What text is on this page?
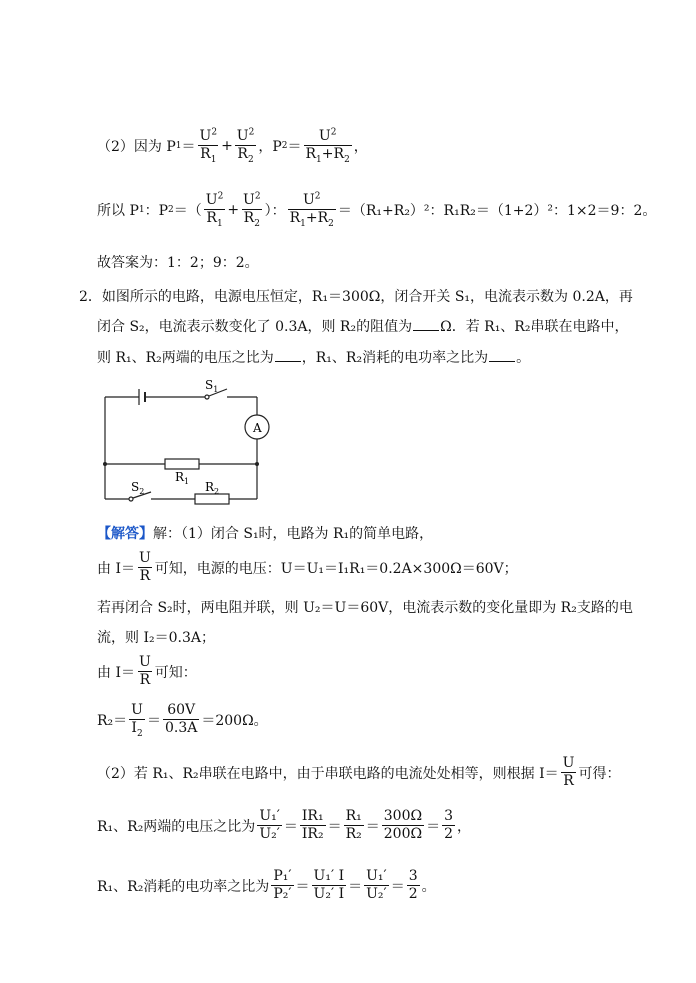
（2）因为 P $1 = \frac{U^2}{R_1} + \frac{U^2}{R_2}$ ，P $2 = \frac{U^2}{R_1+R_2}$ ，
所以 P 1 ：P 2 ＝（ $\frac{U^2}{R_1} + \frac{U^2}{R_2}$ ）： $\frac{U^2}{R_1+R_2} =(R_1+R_2)^2$：R₁R₂＝（1+2）²：1×2＝9：2。
故答案为：1：2；9：2。
2．如图所示的电路，电源电压恒定，R₁＝300Ω，闭合开关 S₁，电流表示数为 0.2A，再
闭合 S₂，电流表示数变化了 0.3A，则 R₂的阻值为 Ω．若 R₁、R₂串联在电路中，
则 R₁、R₂两端的电压之比为 ，R₁、R₂消耗的电功率之比为 。
A
$S_1$
$S_2$
$R_1$ $R_2$
【解答】解：（1）闭合 S₁时，电路为 R₁的简单电路，
由 $I= \frac{U}{R}$ 可知，电源的电压：U＝U₁＝I₁R₁＝0.2A×300Ω＝60V；
若再闭合 S₂时，两电阻并联，则 U₂＝U＝60V，电流表示数的变化量即为 R₂支路的电
流，则 I₂＝0.3A；
由 $I= \frac{U}{R}$ 可知：
$R_2= \frac{U}{I_2} = \frac{60V}{0.3A} =200\Omega$。
（2）若 R₁、R₂串联在电路中，由于串联电路的电流处处相等，则根据 $I= \frac{U}{R}$ 可得：
R₁、R₂两端的电压之比为 $\frac{\text{U₁′}}{\text{U₂′}} = \frac{\text{IR₁}}{\text{IR₂}} = \frac{\text{R₁}}{\text{R₂}} = \frac{300\Omega}{200\Omega} = \frac{3}{2}$ ，
R₁、R₂消耗的电功率之比为 $\frac{\text{P₁′}}{\text{P₂′}} = \frac{\text{U₁′ I}}{\text{U₂′ I}} = \frac{\text{U₁′}}{\text{U₂′}} = \frac{3}{2}$ 。
